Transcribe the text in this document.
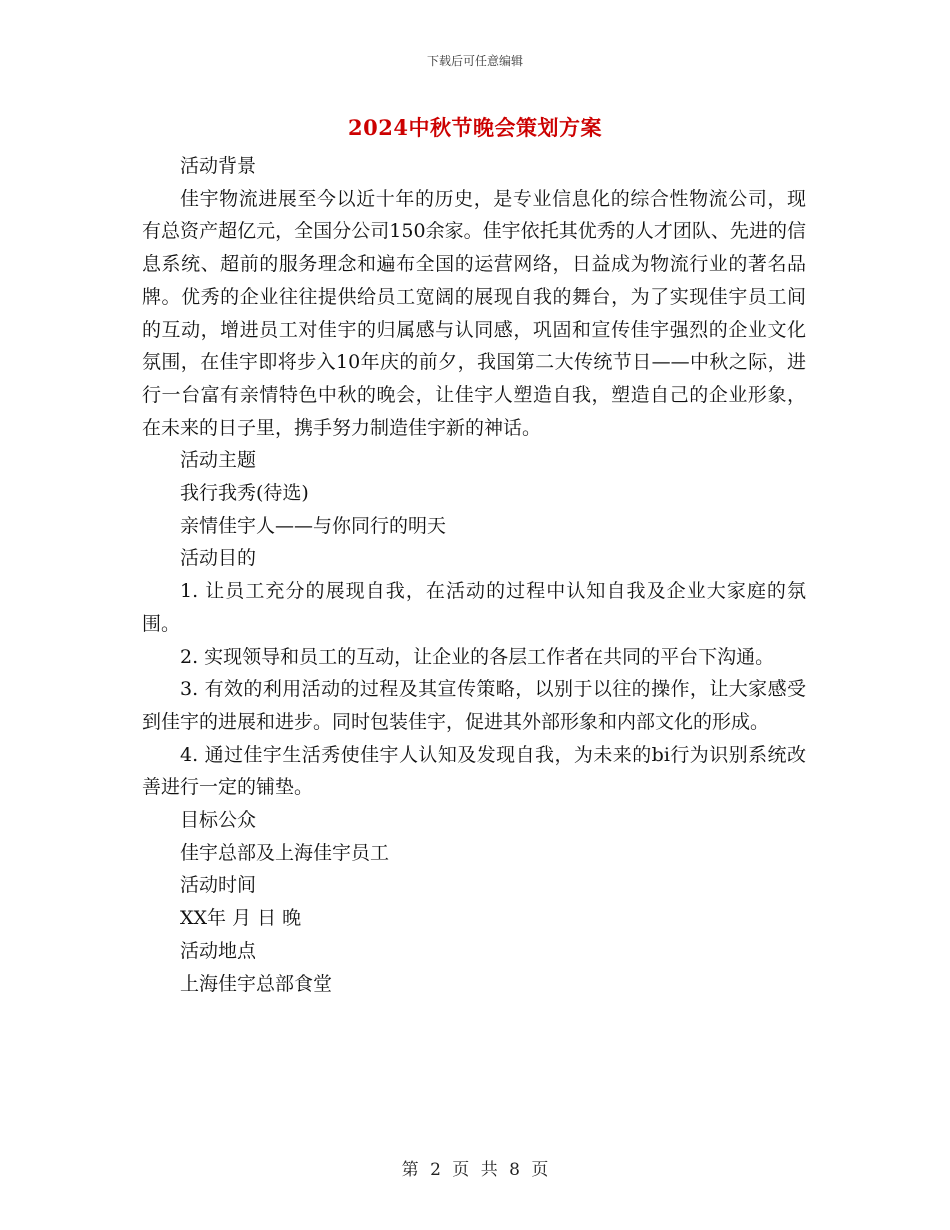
下载后可任意编辑
2024中秋节晚会策划方案

活动背景

佳宇物流进展至今以近十年的历史，是专业信息化的综合性物流公司，现有总资产超亿元，全国分公司150余家。佳宇依托其优秀的人才团队、先进的信息系统、超前的服务理念和遍布全国的运营网络，日益成为物流行业的著名品牌。优秀的企业往往提供给员工宽阔的展现自我的舞台，为了实现佳宇员工间的互动，增进员工对佳宇的归属感与认同感，巩固和宣传佳宇强烈的企业文化氛围，在佳宇即将步入10年庆的前夕，我国第二大传统节日——中秋之际，进行一台富有亲情特色中秋的晚会，让佳宇人塑造自我，塑造自己的企业形象，在未来的日子里，携手努力制造佳宇新的神话。

活动主题

我行我秀(待选)

亲情佳宇人——与你同行的明天

活动目的

1. 让员工充分的展现自我，在活动的过程中认知自我及企业大家庭的氛围。

2. 实现领导和员工的互动，让企业的各层工作者在共同的平台下沟通。

3. 有效的利用活动的过程及其宣传策略，以别于以往的操作，让大家感受到佳宇的进展和进步。同时包装佳宇，促进其外部形象和内部文化的形成。

4. 通过佳宇生活秀使佳宇人认知及发现自我，为未来的bi行为识别系统改善进行一定的铺垫。

目标公众

佳宇总部及上海佳宇员工

活动时间

XX年 月 日 晚

活动地点

上海佳宇总部食堂

第 2 页 共 8 页
